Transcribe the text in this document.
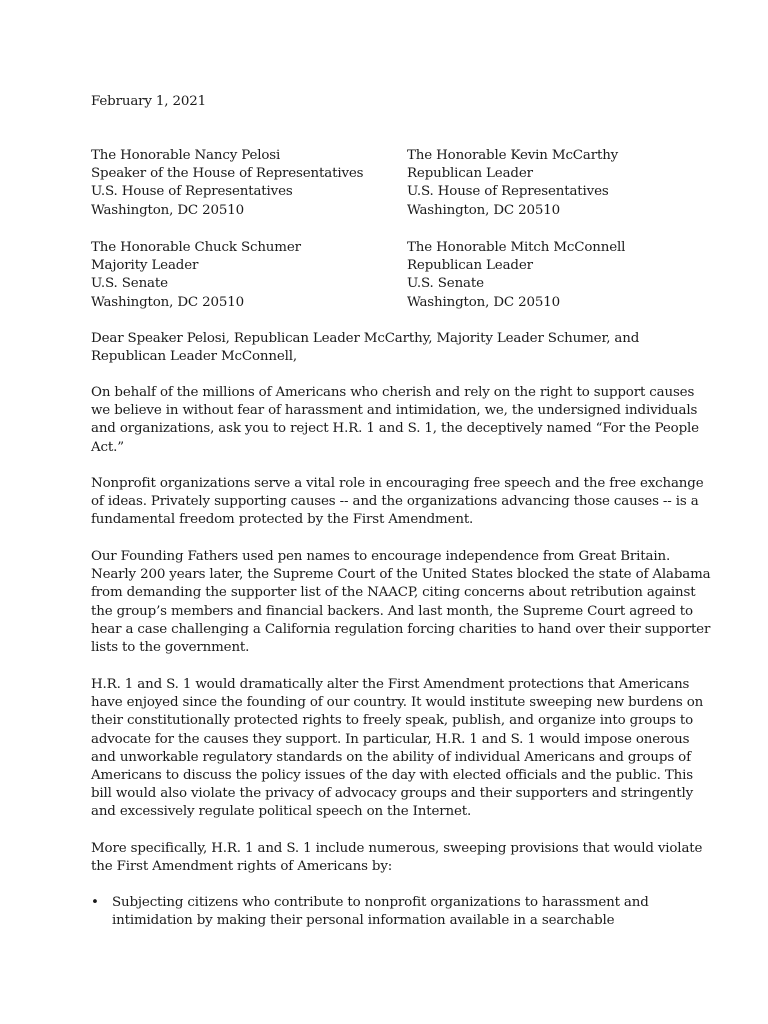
February 1, 2021

The Honorable Nancy Pelosi
Speaker of the House of Representatives
U.S. House of Representatives
Washington, DC 20510
The Honorable Kevin McCarthy
Republican Leader
U.S. House of Representatives
Washington, DC 20510
The Honorable Chuck Schumer
Majority Leader
U.S. Senate
Washington, DC 20510
The Honorable Mitch McConnell
Republican Leader
U.S. Senate
Washington, DC 20510

Dear Speaker Pelosi, Republican Leader McCarthy, Majority Leader Schumer, and Republican Leader McConnell,

On behalf of the millions of Americans who cherish and rely on the right to support causes we believe in without fear of harassment and intimidation, we, the undersigned individuals and organizations, ask you to reject H.R. 1 and S. 1, the deceptively named “For the People Act.”

Nonprofit organizations serve a vital role in encouraging free speech and the free exchange of ideas. Privately supporting causes -- and the organizations advancing those causes -- is a fundamental freedom protected by the First Amendment.

Our Founding Fathers used pen names to encourage independence from Great Britain. Nearly 200 years later, the Supreme Court of the United States blocked the state of Alabama from demanding the supporter list of the NAACP, citing concerns about retribution against the group’s members and financial backers. And last month, the Supreme Court agreed to hear a case challenging a California regulation forcing charities to hand over their supporter lists to the government.

H.R. 1 and S. 1 would dramatically alter the First Amendment protections that Americans have enjoyed since the founding of our country. It would institute sweeping new burdens on their constitutionally protected rights to freely speak, publish, and organize into groups to advocate for the causes they support. In particular, H.R. 1 and S. 1 would impose onerous and unworkable regulatory standards on the ability of individual Americans and groups of Americans to discuss the policy issues of the day with elected officials and the public. This bill would also violate the privacy of advocacy groups and their supporters and stringently and excessively regulate political speech on the Internet.

More specifically, H.R. 1 and S. 1 include numerous, sweeping provisions that would violate the First Amendment rights of Americans by:

• Subjecting citizens who contribute to nonprofit organizations to harassment and intimidation by making their personal information available in a searchable
